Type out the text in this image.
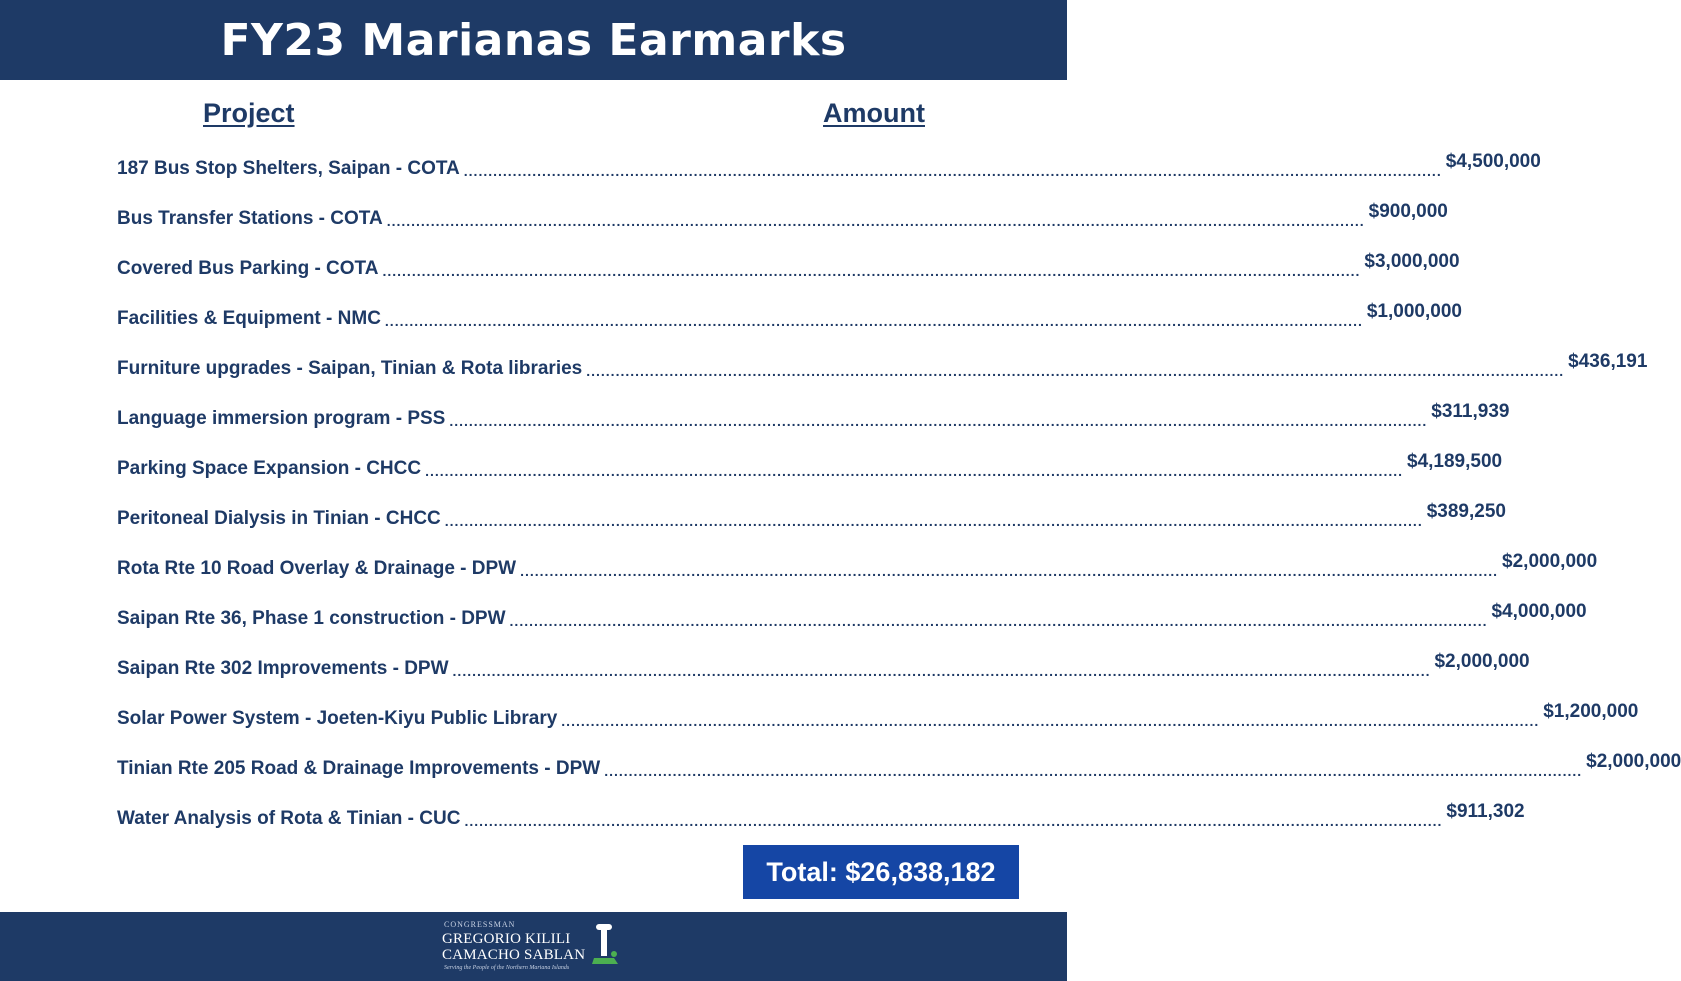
FY23 Marianas Earmarks
Project	Amount
187 Bus Stop Shelters, Saipan - COTA ........................................................................................................................................................................................................ $4,500,000
Bus Transfer Stations - COTA ........................................................................................................................................................................................................ $900,000
Covered Bus Parking - COTA ........................................................................................................................................................................................................ $3,000,000
Facilities & Equipment - NMC ........................................................................................................................................................................................................ $1,000,000
Furniture upgrades - Saipan, Tinian & Rota libraries ........................................................................................................................................................................................................ $436,191
Language immersion program - PSS ........................................................................................................................................................................................................ $311,939
Parking Space Expansion - CHCC ........................................................................................................................................................................................................ $4,189,500
Peritoneal Dialysis in Tinian - CHCC ........................................................................................................................................................................................................ $389,250
Rota Rte 10 Road Overlay & Drainage - DPW ........................................................................................................................................................................................................ $2,000,000
Saipan Rte 36, Phase 1 construction - DPW ........................................................................................................................................................................................................ $4,000,000
Saipan Rte 302 Improvements - DPW ........................................................................................................................................................................................................ $2,000,000
Solar Power System - Joeten-Kiyu Public Library ........................................................................................................................................................................................................ $1,200,000
Tinian Rte 205 Road & Drainage Improvements - DPW ........................................................................................................................................................................................................ $2,000,000
Water Analysis of Rota & Tinian - CUC ........................................................................................................................................................................................................ $911,302
Total: $26,838,182
CONGRESSMAN
GREGORIO KILILI
CAMACHO SABLAN
Serving the People of the Northern Mariana Islands
